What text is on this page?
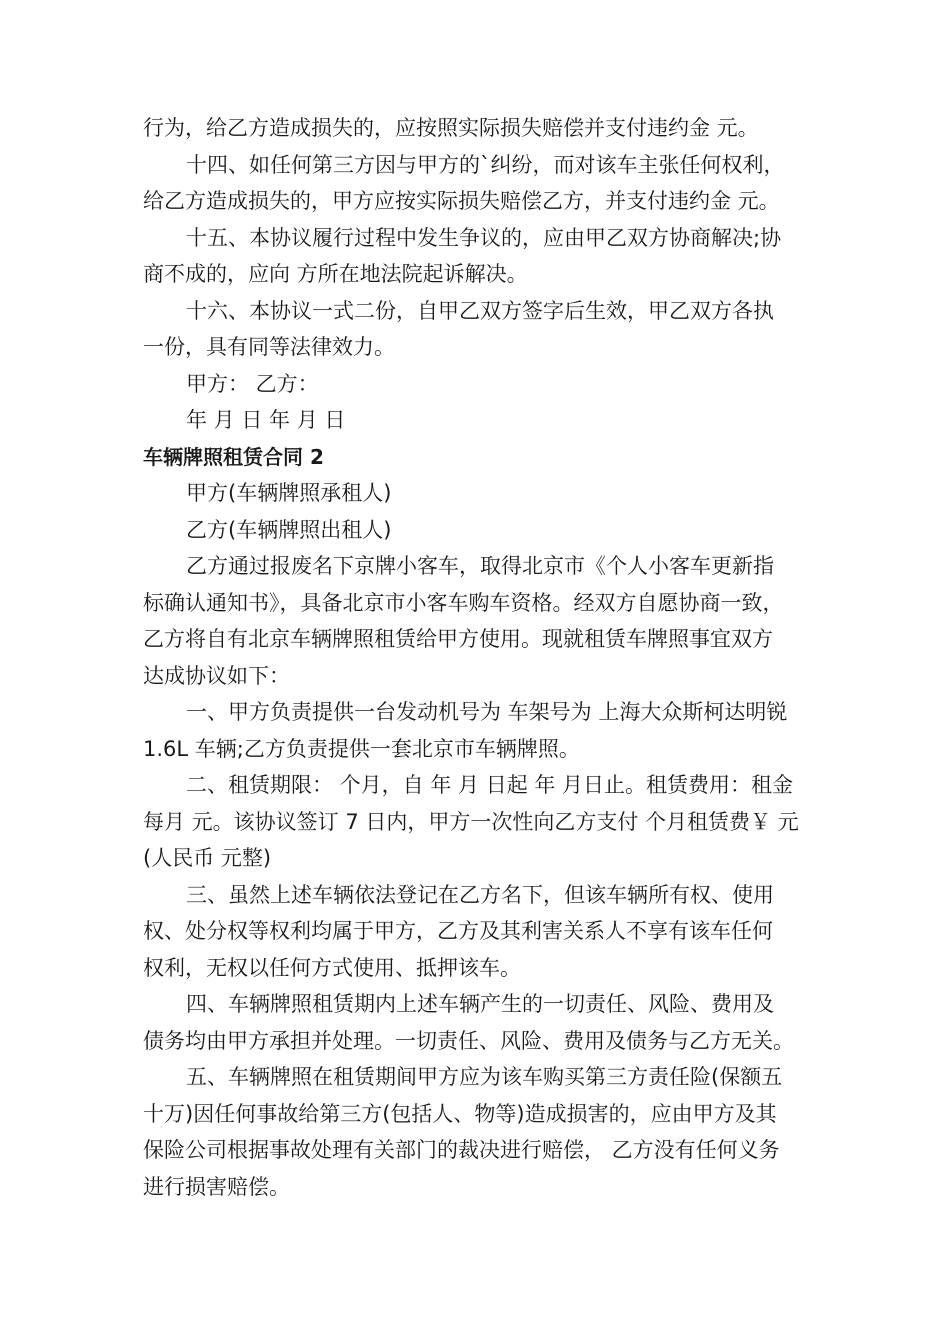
行为，给乙方造成损失的，应按照实际损失赔偿并支付违约金 元。
十四、如任何第三方因与甲方的`纠纷，而对该车主张任何权利，
给乙方造成损失的，甲方应按实际损失赔偿乙方，并支付违约金 元。
十五、本协议履行过程中发生争议的，应由甲乙双方协商解决;协
商不成的，应向 方所在地法院起诉解决。
十六、本协议一式二份，自甲乙双方签字后生效，甲乙双方各执
一份，具有同等法律效力。
甲方： 乙方：
年 月 日 年 月 日
车辆牌照租赁合同 2
甲方(车辆牌照承租人)
乙方(车辆牌照出租人)
乙方通过报废名下京牌小客车，取得北京市《个人小客车更新指
标确认通知书》，具备北京市小客车购车资格。经双方自愿协商一致，
乙方将自有北京车辆牌照租赁给甲方使用。现就租赁车牌照事宜双方
达成协议如下：
一、甲方负责提供一台发动机号为 车架号为 上海大众斯柯达明锐
1.6L 车辆;乙方负责提供一套北京市车辆牌照。
二、租赁期限： 个月，自 年 月 日起 年 月日止。租赁费用：租金
每月 元。该协议签订 7 日内，甲方一次性向乙方支付 个月租赁费￥ 元
(人民币 元整)
三、虽然上述车辆依法登记在乙方名下，但该车辆所有权、使用
权、处分权等权利均属于甲方，乙方及其利害关系人不享有该车任何
权利，无权以任何方式使用、抵押该车。
四、车辆牌照租赁期内上述车辆产生的一切责任、风险、费用及
债务均由甲方承担并处理。一切责任、风险、费用及债务与乙方无关。
五、车辆牌照在租赁期间甲方应为该车购买第三方责任险(保额五
十万)因任何事故给第三方(包括人、物等)造成损害的，应由甲方及其
保险公司根据事故处理有关部门的裁决进行赔偿， 乙方没有任何义务
进行损害赔偿。
